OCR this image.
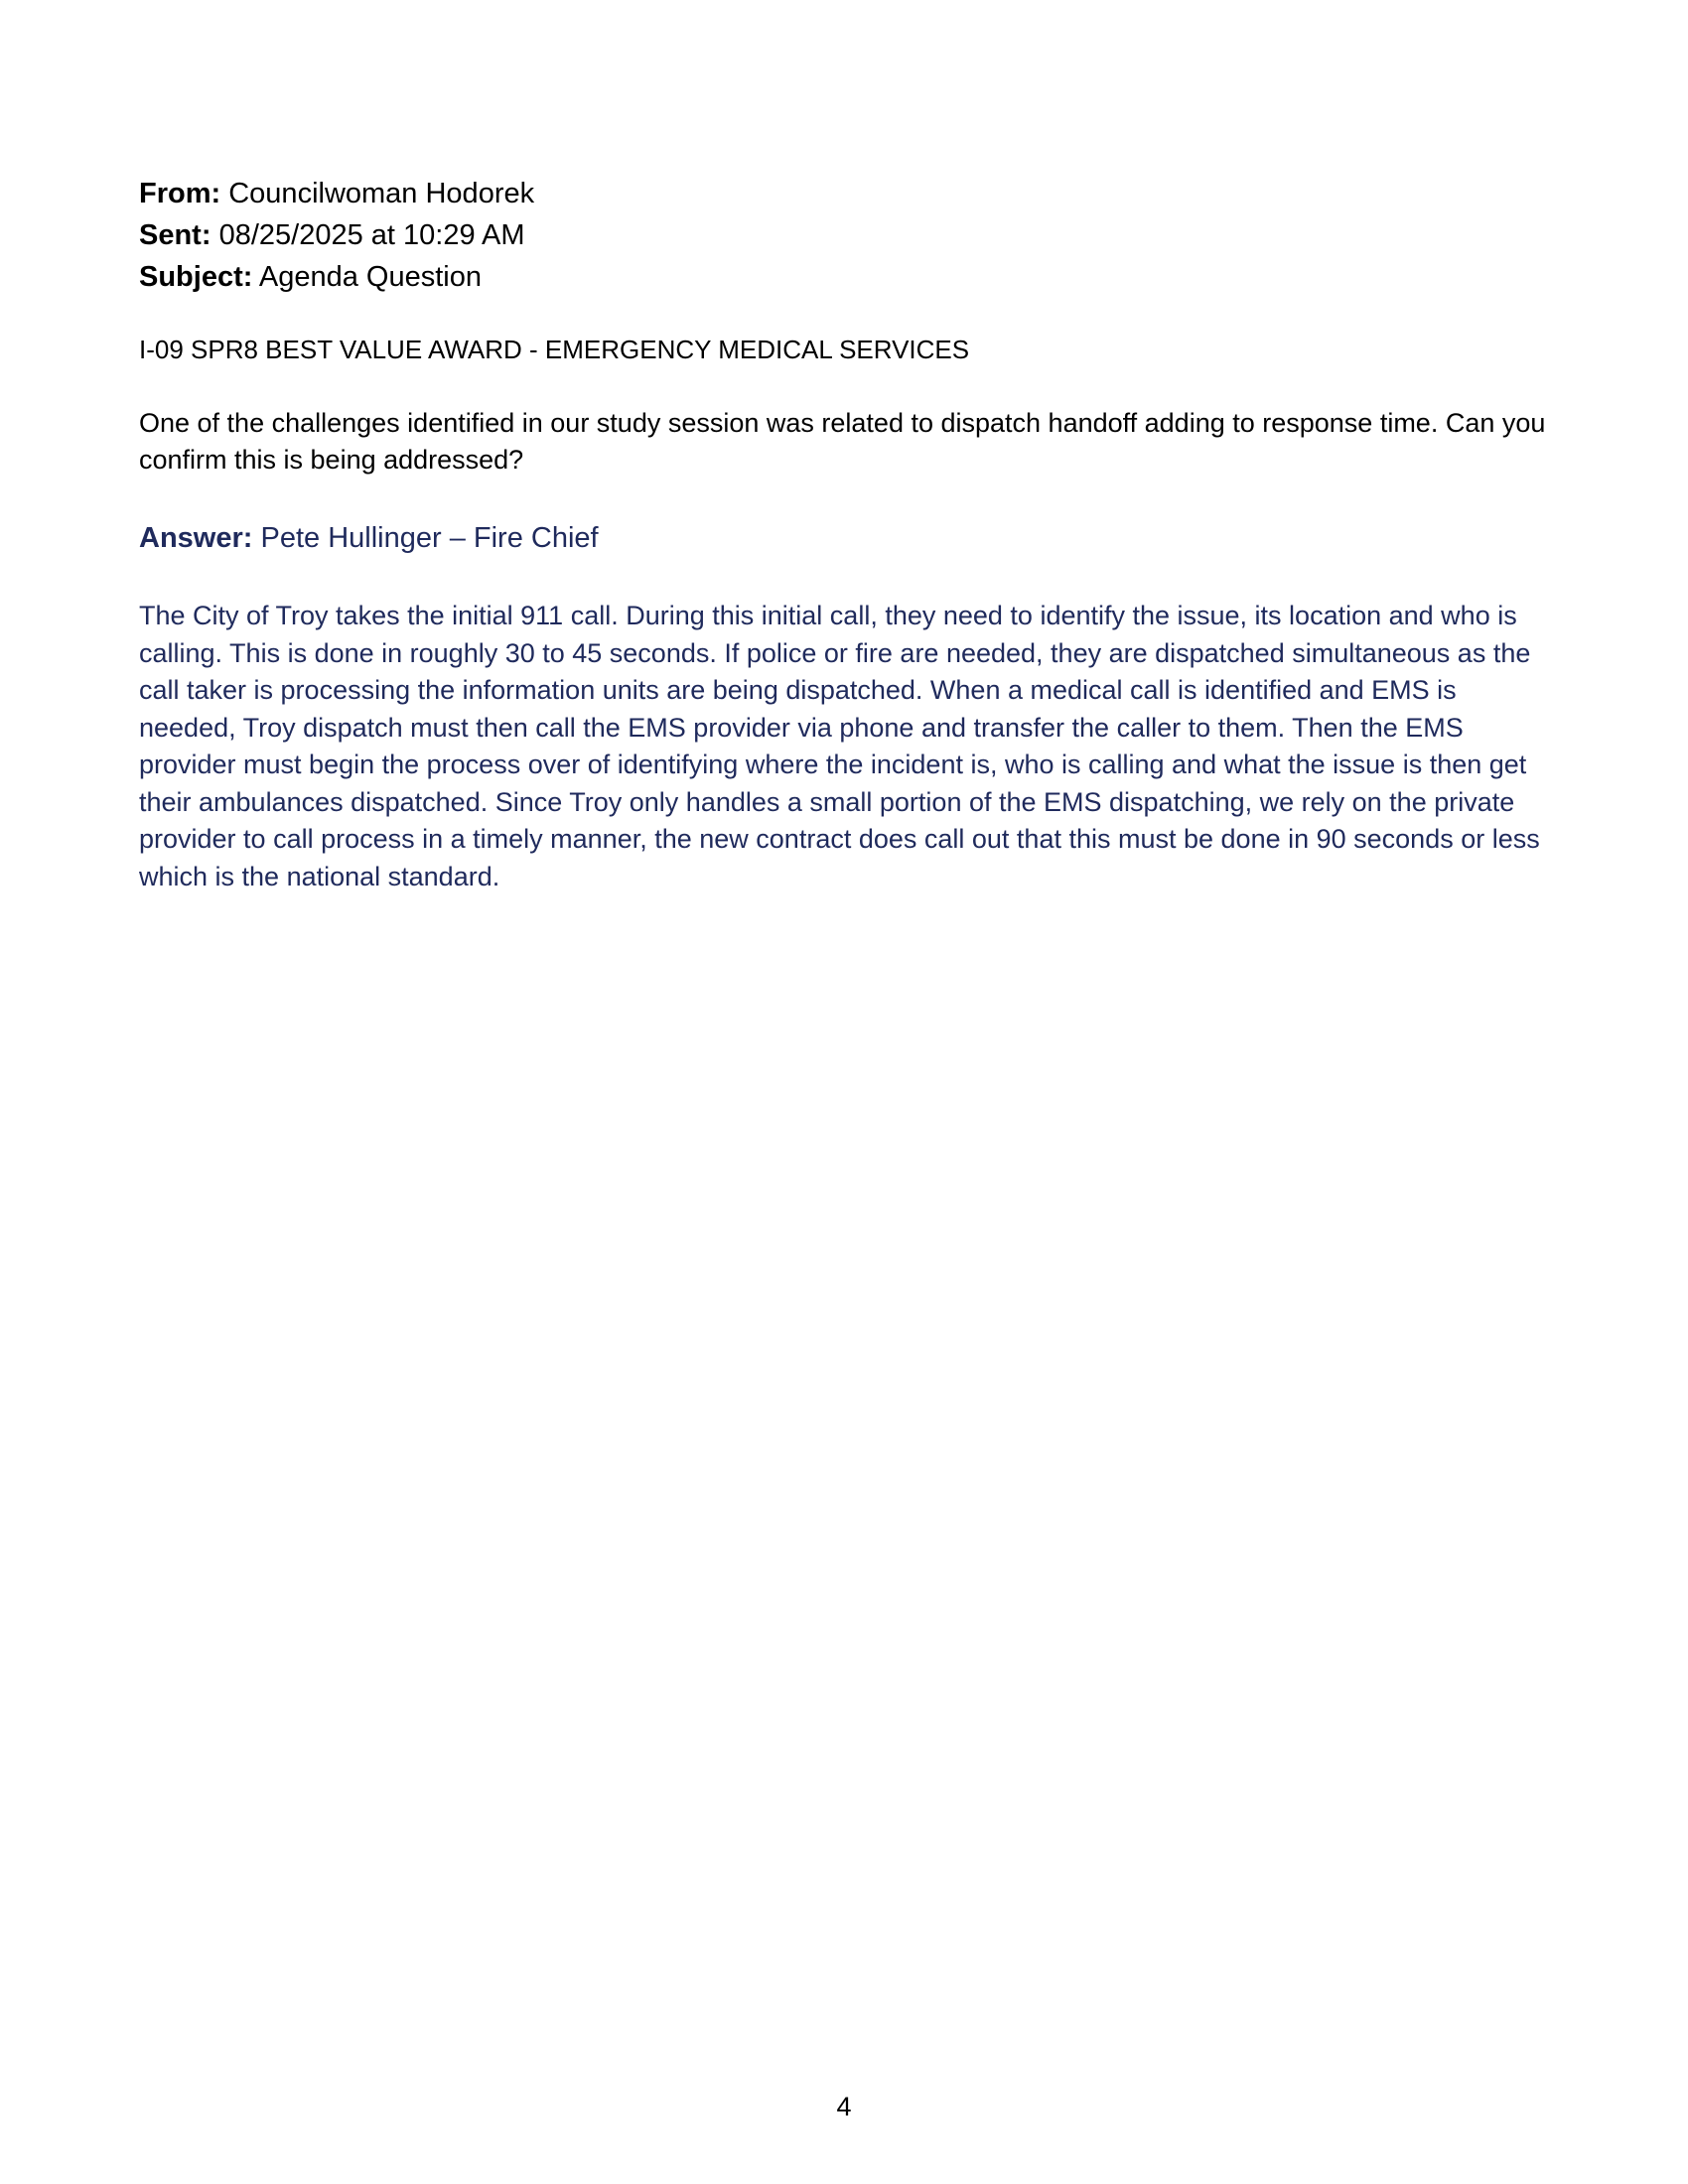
From: Councilwoman Hodorek
Sent: 08/25/2025 at 10:29 AM
Subject: Agenda Question
I-09 SPR8 BEST VALUE AWARD - EMERGENCY MEDICAL SERVICES
One of the challenges identified in our study session was related to dispatch handoff adding to response time. Can you confirm this is being addressed?
Answer: Pete Hullinger – Fire Chief
The City of Troy takes the initial 911 call. During this initial call, they need to identify the issue, its location and who is calling. This is done in roughly 30 to 45 seconds. If police or fire are needed, they are dispatched simultaneous as the call taker is processing the information units are being dispatched. When a medical call is identified and EMS is needed, Troy dispatch must then call the EMS provider via phone and transfer the caller to them. Then the EMS provider must begin the process over of identifying where the incident is, who is calling and what the issue is then get their ambulances dispatched. Since Troy only handles a small portion of the EMS dispatching, we rely on the private provider to call process in a timely manner, the new contract does call out that this must be done in 90 seconds or less which is the national standard.
4
